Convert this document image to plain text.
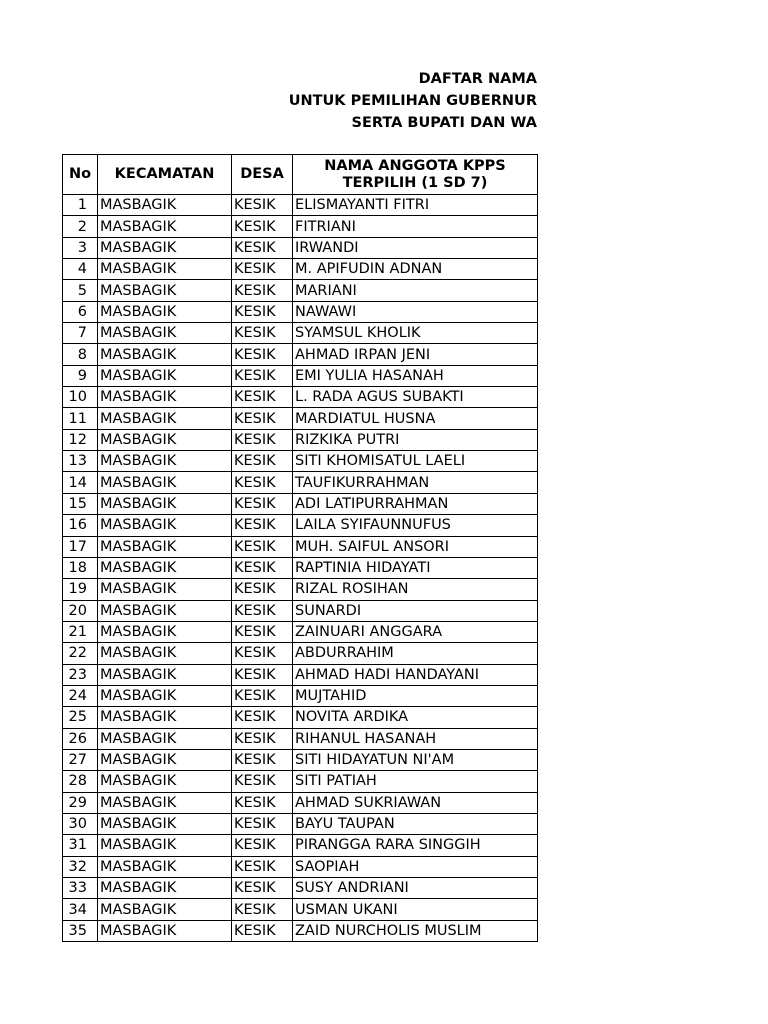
DAFTAR NAMA
UNTUK PEMILIHAN GUBERNUR
SERTA BUPATI DAN WA
No	KECAMATAN	DESA	NAMA ANGGOTA KPPS
TERPILIH (1 SD 7)

1	MASBAGIK	KESIK	ELISMAYANTI FITRI
2	MASBAGIK	KESIK	FITRIANI
3	MASBAGIK	KESIK	IRWANDI
4	MASBAGIK	KESIK	M. APIFUDIN ADNAN
5	MASBAGIK	KESIK	MARIANI
6	MASBAGIK	KESIK	NAWAWI
7	MASBAGIK	KESIK	SYAMSUL KHOLIK
8	MASBAGIK	KESIK	AHMAD IRPAN JENI
9	MASBAGIK	KESIK	EMI YULIA HASANAH
10	MASBAGIK	KESIK	L. RADA AGUS SUBAKTI
11	MASBAGIK	KESIK	MARDIATUL HUSNA
12	MASBAGIK	KESIK	RIZKIKA PUTRI
13	MASBAGIK	KESIK	SITI KHOMISATUL LAELI
14	MASBAGIK	KESIK	TAUFIKURRAHMAN
15	MASBAGIK	KESIK	ADI LATIPURRAHMAN
16	MASBAGIK	KESIK	LAILA SYIFAUNNUFUS
17	MASBAGIK	KESIK	MUH. SAIFUL ANSORI
18	MASBAGIK	KESIK	RAPTINIA HIDAYATI
19	MASBAGIK	KESIK	RIZAL ROSIHAN
20	MASBAGIK	KESIK	SUNARDI
21	MASBAGIK	KESIK	ZAINUARI ANGGARA
22	MASBAGIK	KESIK	ABDURRAHIM
23	MASBAGIK	KESIK	AHMAD HADI HANDAYANI
24	MASBAGIK	KESIK	MUJTAHID
25	MASBAGIK	KESIK	NOVITA ARDIKA
26	MASBAGIK	KESIK	RIHANUL HASANAH
27	MASBAGIK	KESIK	SITI HIDAYATUN NI'AM
28	MASBAGIK	KESIK	SITI PATIAH
29	MASBAGIK	KESIK	AHMAD SUKRIAWAN
30	MASBAGIK	KESIK	BAYU TAUPAN
31	MASBAGIK	KESIK	PIRANGGA RARA SINGGIH
32	MASBAGIK	KESIK	SAOPIAH
33	MASBAGIK	KESIK	SUSY ANDRIANI
34	MASBAGIK	KESIK	USMAN UKANI
35	MASBAGIK	KESIK	ZAID NURCHOLIS MUSLIM
